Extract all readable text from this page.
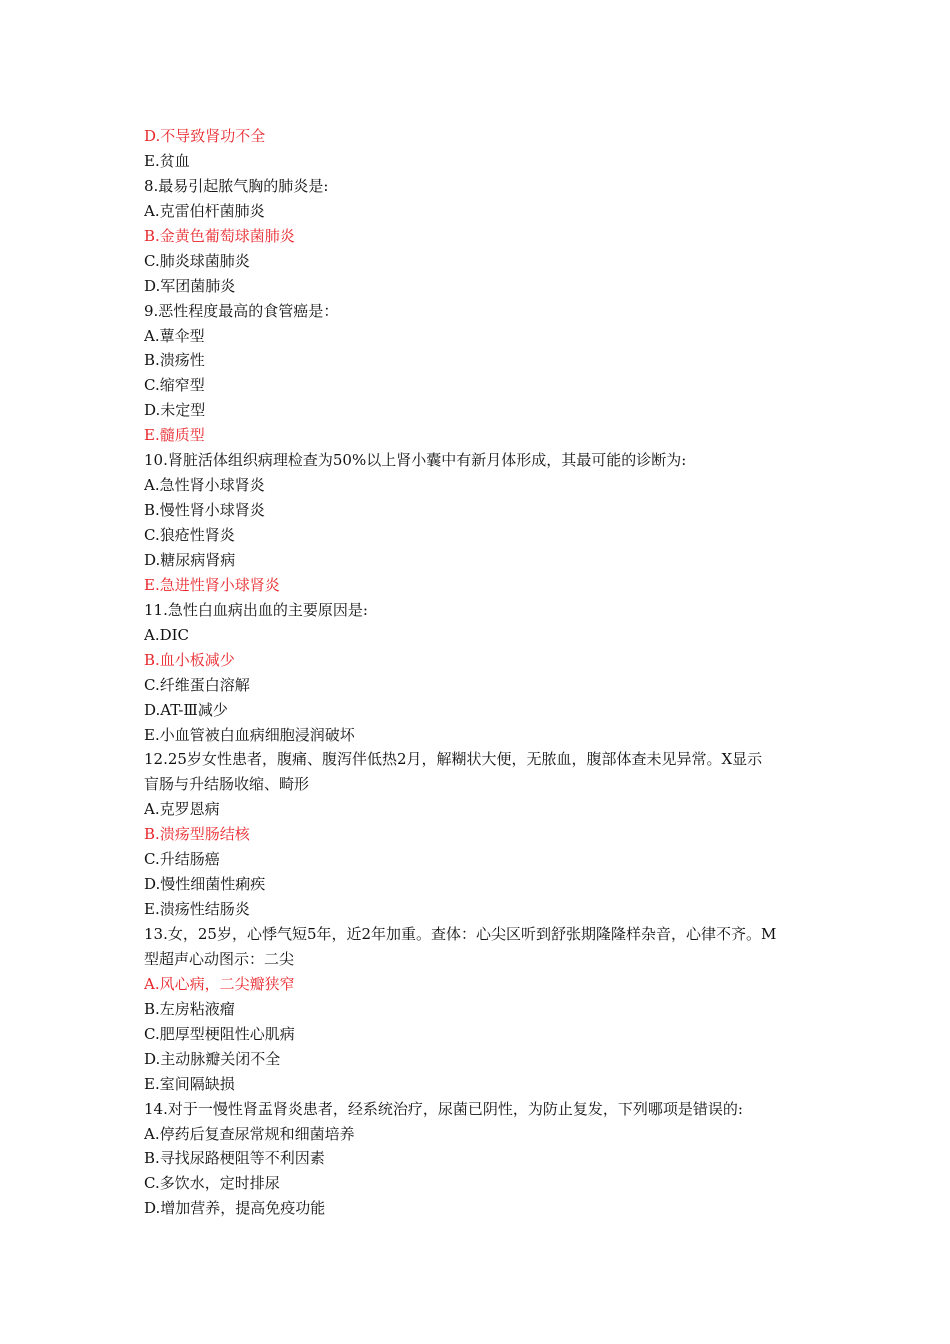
D.不导致肾功不全
E.贫血
8.最易引起脓气胸的肺炎是:
A.克雷伯杆菌肺炎
B.金黄色葡萄球菌肺炎
C.肺炎球菌肺炎
D.军团菌肺炎
9.恶性程度最高的食管癌是：
A.蕈伞型
B.溃疡性
C.缩窄型
D.未定型
E.髓质型
10.肾脏活体组织病理检查为50%以上肾小囊中有新月体形成，其最可能的诊断为:
A.急性肾小球肾炎
B.慢性肾小球肾炎
C.狼疮性肾炎
D.糖尿病肾病
E.急进性肾小球肾炎
11.急性白血病出血的主要原因是:
A.DIC
B.血小板减少
C.纤维蛋白溶解
D.AT-Ⅲ减少
E.小血管被白血病细胞浸润破坏
12.25岁女性患者，腹痛、腹泻伴低热2月，解糊状大便，无脓血，腹部体查未见异常。X显示
盲肠与升结肠收缩、畸形
A.克罗恩病
B.溃疡型肠结核
C.升结肠癌
D.慢性细菌性痢疾
E.溃疡性结肠炎
13.女，25岁，心悸气短5年，近2年加重。查体：心尖区听到舒张期隆隆样杂音，心律不齐。M
型超声心动图示：二尖
A.风心病，二尖瓣狭窄
B.左房粘液瘤
C.肥厚型梗阻性心肌病
D.主动脉瓣关闭不全
E.室间隔缺损
14.对于一慢性肾盂肾炎患者，经系统治疗，尿菌已阴性，为防止复发，下列哪项是错误的:
A.停药后复查尿常规和细菌培养
B.寻找尿路梗阻等不利因素
C.多饮水，定时排尿
D.增加营养，提高免疫功能
